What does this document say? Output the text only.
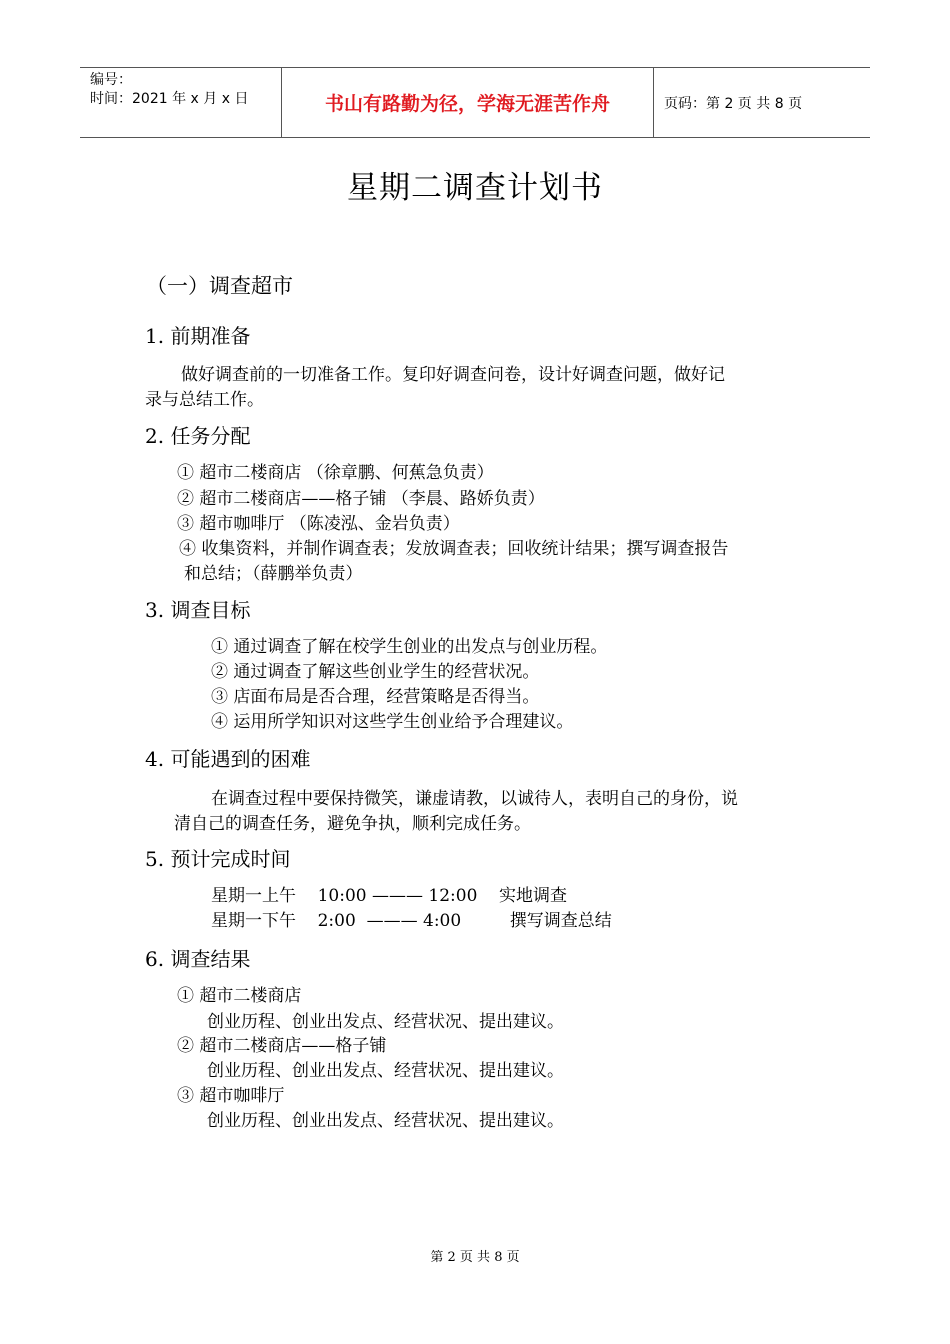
编号：
时间：2021 年 x 月 x 日	书山有路勤为径，学海无涯苦作舟	页码：第 2 页 共 8 页
星期二调查计划书
（一）调查超市
1. 前期准备
做好调查前的一切准备工作。复印好调查问卷，设计好调查问题，做好记
录与总结工作。
2. 任务分配
① 超市二楼商店 （徐章鹏、何蕉急负责）
② 超市二楼商店——格子铺 （李晨、路娇负责）
③ 超市咖啡厅 （陈凌泓、金岩负责）
④ 收集资料，并制作调查表；发放调查表；回收统计结果；撰写调查报告
和总结；（薛鹏举负责）
3. 调查目标
① 通过调查了解在校学生创业的出发点与创业历程。
② 通过调查了解这些创业学生的经营状况。
③ 店面布局是否合理，经营策略是否得当。
④ 运用所学知识对这些学生创业给予合理建议。
4. 可能遇到的困难
在调查过程中要保持微笑，谦虚请教，以诚待人，表明自己的身份，说
清自己的调查任务，避免争执，顺利完成任务。
5. 预计完成时间
星期一上午    10:00 ——— 12:00    实地调查
星期一下午    2:00  ——— 4:00         撰写调查总结
6. 调查结果
① 超市二楼商店
创业历程、创业出发点、经营状况、提出建议。
② 超市二楼商店——格子铺
创业历程、创业出发点、经营状况、提出建议。
③ 超市咖啡厅
创业历程、创业出发点、经营状况、提出建议。
第 2 页 共 8 页
